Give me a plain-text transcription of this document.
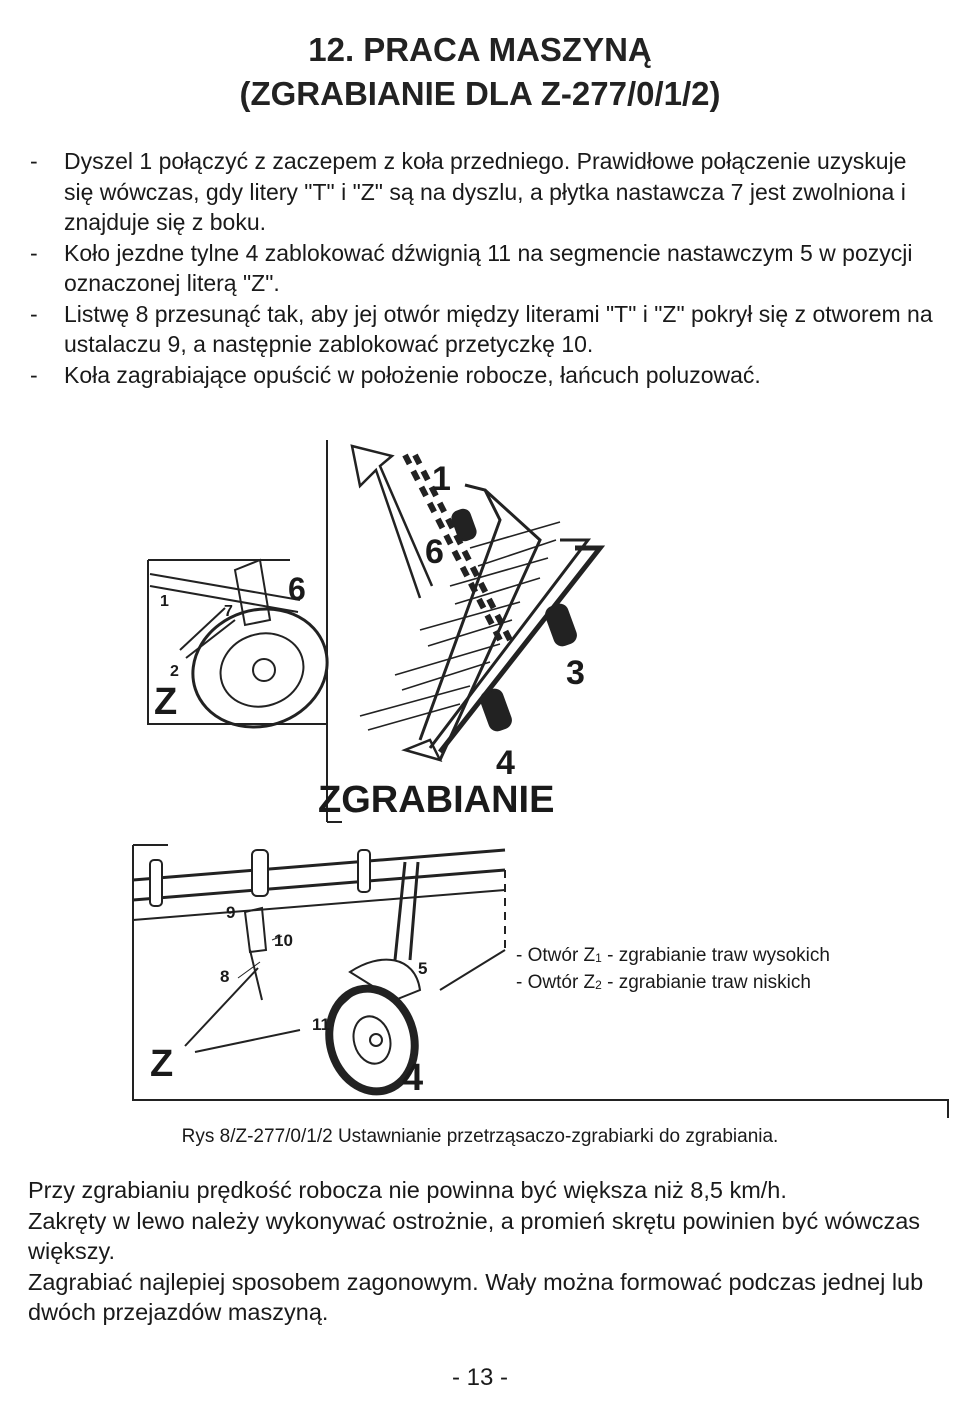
12. PRACA MASZYNĄ
(ZGRABIANIE DLA Z-277/0/1/2)
-	Dyszel 1 połączyć z zaczepem z koła przedniego. Prawidłowe połączenie uzyskuje się wówczas, gdy litery "T" i "Z" są na dyszlu, a płytka nastawcza 7 jest zwolniona i znajduje się z boku.
-	Koło jezdne tylne 4 zablokować dźwignią 11 na segmencie nastawczym 5 w pozycji oznaczonej literą "Z".
-	Listwę 8 przesunąć tak, aby jej otwór między literami "T" i "Z" pokrył się z otworem na ustalaczu 9, a następnie zablokować przetyczkę 10.
-	Koła zagrabiające opuścić w położenie robocze, łańcuch poluzować.
1
6
3
4
ZGRABIANIE
1
7
6
2
Z
9
10
8	5
11
Z	4
- Otwór $Z_1$ - zgrabianie traw wysokich
- Owtór $Z_2$ - zgrabianie traw niskich
Rys 8/Z-277/0/1/2 Ustawnianie przetrząsaczo-zgrabiarki do zgrabiania.

Przy zgrabianiu prędkość robocza nie powinna być większa niż 8,5 km/h.

Zakręty w lewo należy wykonywać ostrożnie, a promień skrętu powinien być wówczas większy.

Zagrabiać najlepiej sposobem zagonowym. Wały można formować podczas jednej lub dwóch przejazdów maszyną.

- 13 -
